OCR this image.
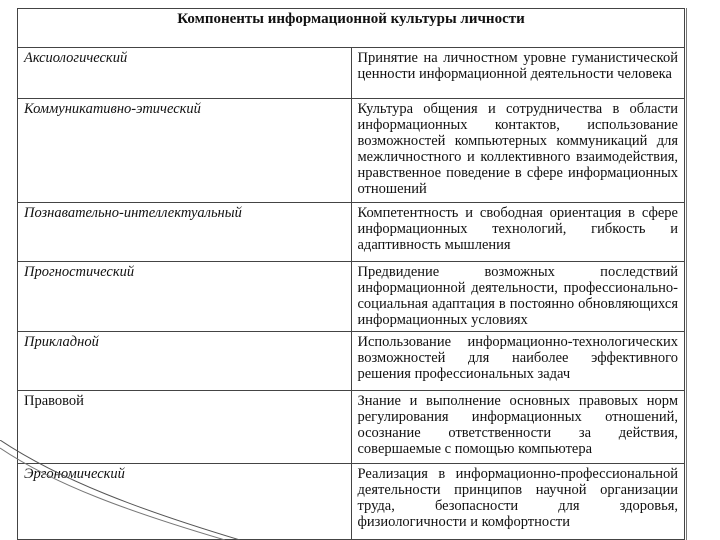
Компоненты информационной культуры личности	
Аксиологический	Принятие на личностном уровне гуманистической ценности информационной деятельности человека
Коммуникативно-этический	Культура общения и сотрудничества в области информационных контактов, использование возможностей компьютерных коммуникаций для межличностного и коллективного взаимодействия, нравственное поведение в сфере информационных отношений
Познавательно-интеллектуальный	Компетентность и свободная ориентация в сфере информационных технологий, гибкость и адаптивность мышления
Прогностический	Предвидение возможных последствий информационной деятельности, профессионально-социальная адаптация в постоянно обновляющихся информационных условиях
Прикладной	Использование информационно-технологических возможностей для наиболее эффективного решения профессиональных задач
Правовой	Знание и выполнение основных правовых норм регулирования информационных отношений, осознание ответственности за действия, совершаемые с помощью компьютера
Эргономический	Реализация в информационно-профессиональной деятельности принципов научной организации труда, безопасности для здоровья, физиологичности и комфортности
